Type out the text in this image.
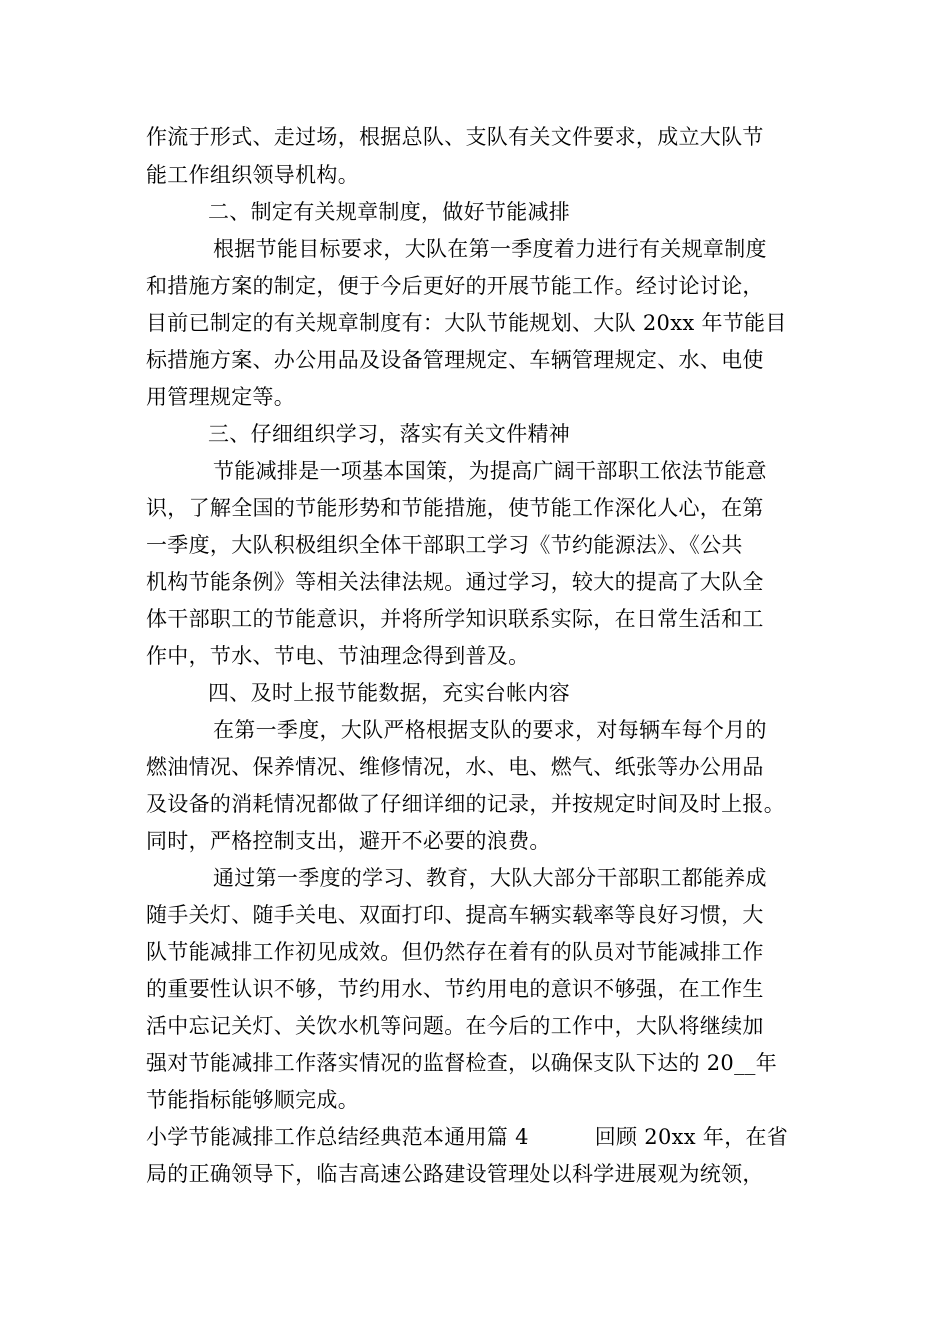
作流于形式、走过场，根据总队、支队有关文件要求，成立大队节
能工作组织领导机构。
二、制定有关规章制度，做好节能减排
根据节能目标要求，大队在第一季度着力进行有关规章制度
和措施方案的制定，便于今后更好的开展节能工作。经讨论讨论，
目前已制定的有关规章制度有：大队节能规划、大队 20xx 年节能目
标措施方案、办公用品及设备管理规定、车辆管理规定、水、电使
用管理规定等。
三、仔细组织学习，落实有关文件精神
节能减排是一项基本国策，为提高广阔干部职工依法节能意
识，了解全国的节能形势和节能措施，使节能工作深化人心，在第
一季度，大队积极组织全体干部职工学习《节约能源法》、《公共
机构节能条例》等相关法律法规。通过学习，较大的提高了大队全
体干部职工的节能意识，并将所学知识联系实际，在日常生活和工
作中，节水、节电、节油理念得到普及。
四、及时上报节能数据，充实台帐内容
在第一季度，大队严格根据支队的要求，对每辆车每个月的
燃油情况、保养情况、维修情况，水、电、燃气、纸张等办公用品
及设备的消耗情况都做了仔细详细的记录，并按规定时间及时上报。
同时，严格控制支出，避开不必要的浪费。
通过第一季度的学习、教育，大队大部分干部职工都能养成
随手关灯、随手关电、双面打印、提高车辆实载率等良好习惯，大
队节能减排工作初见成效。但仍然存在着有的队员对节能减排工作
的重要性认识不够，节约用水、节约用电的意识不够强，在工作生
活中忘记关灯、关饮水机等问题。在今后的工作中，大队将继续加
强对节能减排工作落实情况的监督检查，以确保支队下达的 20__年
节能指标能够顺完成。
小学节能减排工作总结经典范本通用篇 4	回顾 20xx 年，在省
局的正确领导下，临吉高速公路建设管理处以科学进展观为统领，
